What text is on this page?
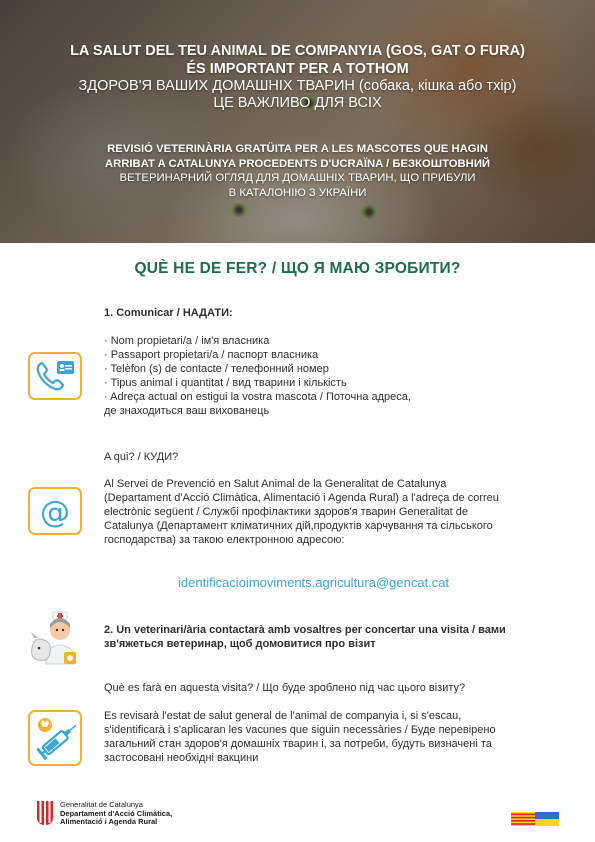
LA SALUT DEL TEU ANIMAL DE COMPANYIA (GOS, GAT O FURA)
ÉS IMPORTANT PER A TOTHOM
ЗДОРОВ'Я ВАШИХ ДОМАШНІХ ТВАРИН (собака, кішка або тхір)
ЦЕ ВАЖЛИВО ДЛЯ ВСІХ
REVISIÓ VETERINÀRIA GRATÜITA PER A LES MASCOTES QUE HAGIN
ARRIBAT A CATALUNYA PROCEDENTS D'UCRAÏNA / БЕЗКОШТОВНИЙ
ВЕТЕРИНАРНИЙ ОГЛЯД ДЛЯ ДОМАШНІХ ТВАРИН, ЩО ПРИБУЛИ
В КАТАЛОНІЮ З УКРАЇНИ
QUÈ HE DE FER? / ЩО Я МАЮ ЗРОБИТИ?
1. Comunicar / НАДАТИ:
· Nom propietari/a / ім'я власника
· Passaport propietari/a / паспорт власника
· Telèfon (s) de contacte / телефонний номер
· Tipus animal i quantitat / вид тварини і кількість
· Adreça actual on estigui la vostra mascota / Поточна адреса,
де знаходиться ваш вихованець
A qui? / КУДИ?
Al Servei de Prevenció en Salut Animal de la Generalitat de Catalunya
(Departament d'Acció Climàtica, Alimentació i Agenda Rural) a l'adreça de correu
electrònic següent / Службі профілактики здоров'я тварин Generalitat de
Catalunya (Департамент кліматичних дій,продуктів харчування та сільського
господарства) за такою електронною адресою:
@
identificacioimoviments.agricultura@gencat.cat
2. Un veterinari/ària contactarà amb vosaltres per concertar una visita / вами
зв'яжеться ветеринар, щоб домовитися про візит
Què es farà en aquesta visita? / Що буде зроблено під час цього візиту?
Es revisarà l'estat de salut general de l'animal de companyia i, si s'escau,
s'identificarà i s'aplicaran les vacunes que siguin necessàries / Буде перевірено
загальний стан здоров'я домашніх тварин і, за потреби, будуть визначені та
застосовані необхідні вакцини
Generalitat de Catalunya
Departament d'Acció Climàtica,
Alimentació i Agenda Rural
